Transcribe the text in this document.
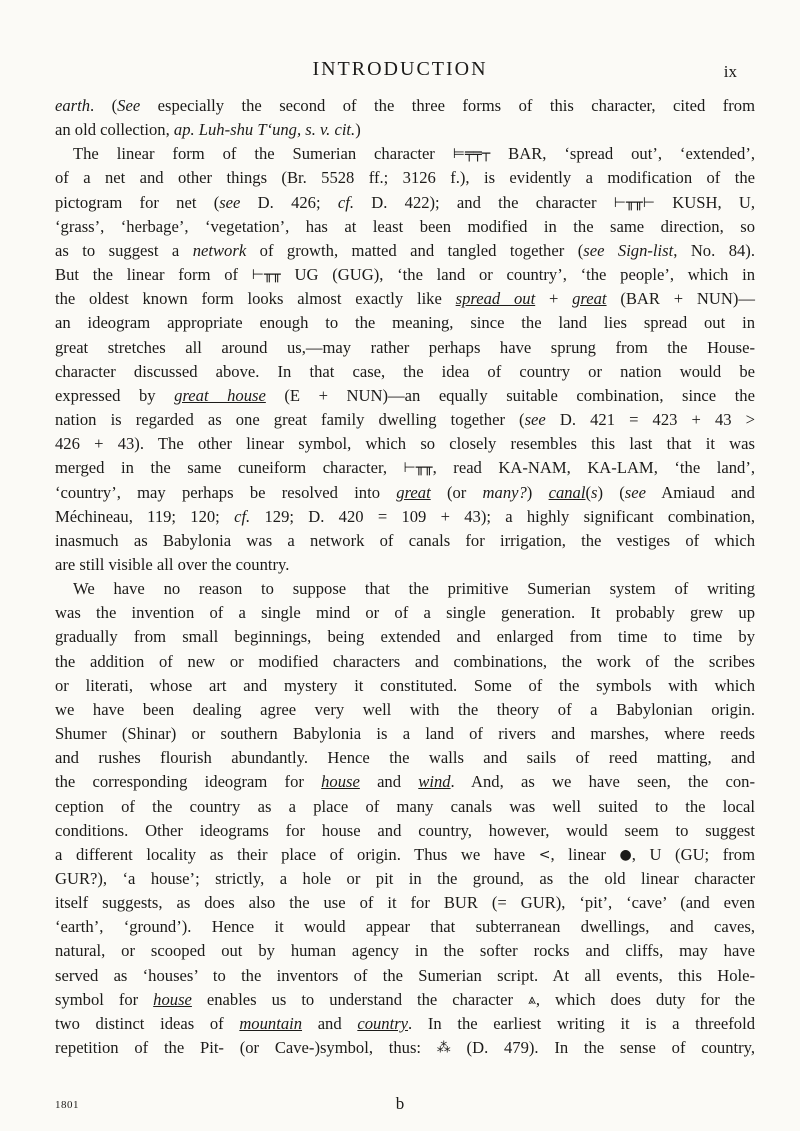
INTRODUCTION	ix
earth. (See especially the second of the three forms of this character, cited from
an old collection, ap. Luh-shu T‘ung, s. v. cit.)
The linear form of the Sumerian character ⊨╤╤┬ BAR, ‘spread out’, ‘extended’,
of a net and other things (Br. 5528 ff.; 3126 f.), is evidently a modification of the
pictogram for net (see D. 426; cf. D. 422); and the character ⊢╥╥⊢ KUSH, U,
‘grass’, ‘herbage’, ‘vegetation’, has at least been modified in the same direction, so
as to suggest a network of growth, matted and tangled together (see Sign-list, No. 84).
But the linear form of ⊢╥╥ UG (GUG), ‘the land or country’, ‘the people’, which in
the oldest known form looks almost exactly like spread out + great (BAR + NUN)—
an ideogram appropriate enough to the meaning, since the land lies spread out in
great stretches all around us,—may rather perhaps have sprung from the House-
character discussed above. In that case, the idea of country or nation would be
expressed by great house (E + NUN)—an equally suitable combination, since the
nation is regarded as one great family dwelling together (see D. 421 = 423 + 43 >
426 + 43). The other linear symbol, which so closely resembles this last that it was
merged in the same cuneiform character, ⊢╥╥, read KA-NAM, KA-LAM, ‘the land’,
‘country’, may perhaps be resolved into great (or many?) canal(s) (see Amiaud and
Méchineau, 119; 120; cf. 129; D. 420 = 109 + 43); a highly significant combination,
inasmuch as Babylonia was a network of canals for irrigation, the vestiges of which
are still visible all over the country.
We have no reason to suppose that the primitive Sumerian system of writing
was the invention of a single mind or of a single generation. It probably grew up
gradually from small beginnings, being extended and enlarged from time to time by
the addition of new or modified characters and combinations, the work of the scribes
or literati, whose art and mystery it constituted. Some of the symbols with which
we have been dealing agree very well with the theory of a Babylonian origin.
Shumer (Shinar) or southern Babylonia is a land of rivers and marshes, where reeds
and rushes flourish abundantly. Hence the walls and sails of reed matting, and
the corresponding ideogram for house and wind. And, as we have seen, the con-
ception of the country as a place of many canals was well suited to the local
conditions. Other ideograms for house and country, however, would seem to suggest
a different locality as their place of origin. Thus we have <, linear ●, U (GU; from
GUR?), ‘a house’; strictly, a hole or pit in the ground, as the old linear character
itself suggests, as does also the use of it for BUR (= GUR), ‘pit’, ‘cave’ (and even
‘earth’, ‘ground’). Hence it would appear that subterranean dwellings, and caves,
natural, or scooped out by human agency in the softer rocks and cliffs, may have
served as ‘houses’ to the inventors of the Sumerian script. At all events, this Hole-
symbol for house enables us to understand the character ⩓, which does duty for the
two distinct ideas of mountain and country. In the earliest writing it is a threefold
repetition of the Pit- (or Cave-)symbol, thus: ⁂ (D. 479). In the sense of country,
1801	b
